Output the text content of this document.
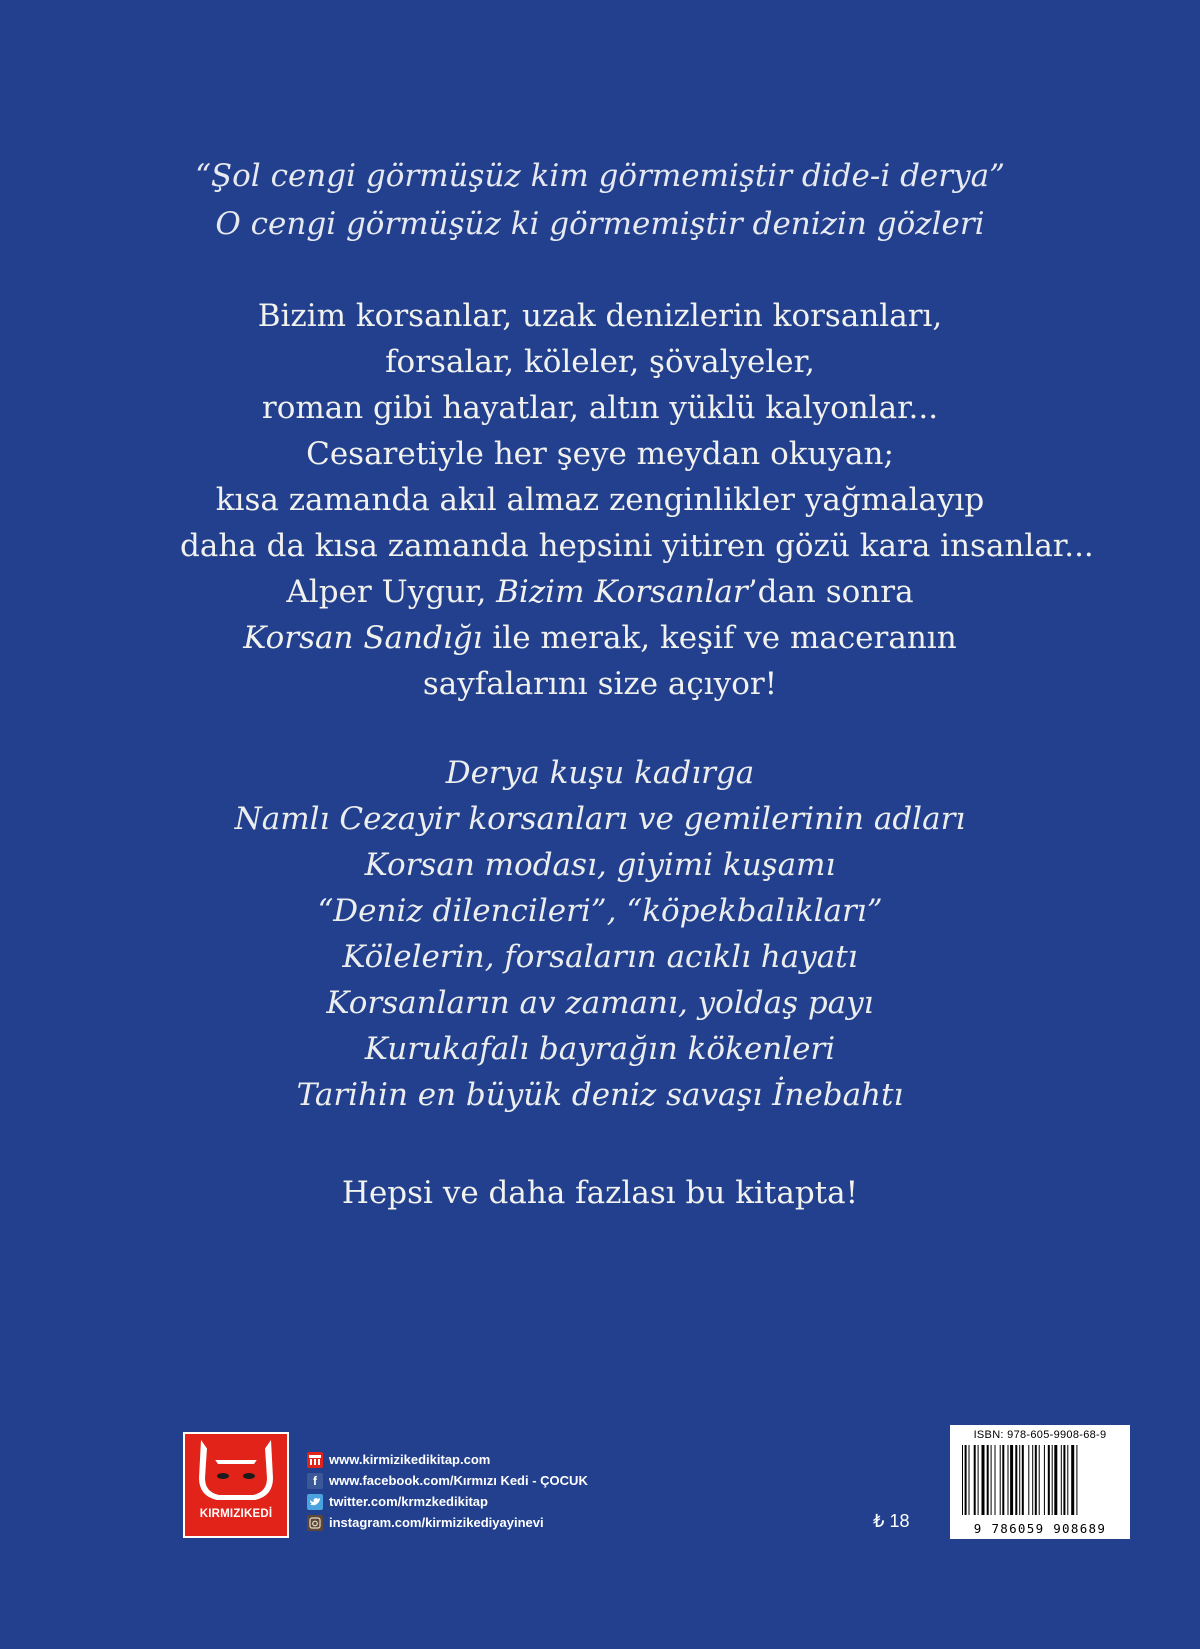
“Şol cengi görmüşüz kim görmemiştir dide-i derya”
O cengi görmüşüz ki görmemiştir denizin gözleri
Bizim korsanlar, uzak denizlerin korsanları,
forsalar, köleler, şövalyeler,
roman gibi hayatlar, altın yüklü kalyonlar...
Cesaretiyle her şeye meydan okuyan;
kısa zamanda akıl almaz zenginlikler yağmalayıp
daha da kısa zamanda hepsini yitiren gözü kara insanlar...
Alper Uygur, Bizim Korsanlar’dan sonra
Korsan Sandığı ile merak, keşif ve maceranın
sayfalarını size açıyor!
Derya kuşu kadırga
Namlı Cezayir korsanları ve gemilerinin adları
Korsan modası, giyimi kuşamı
“Deniz dilencileri”, “köpekbalıkları”
Kölelerin, forsaların acıklı hayatı
Korsanların av zamanı, yoldaş payı
Kurukafalı bayrağın kökenleri
Tarihin en büyük deniz savaşı İnebahtı
Hepsi ve daha fazlası bu kitapta!
KIRMIZIKEDİ
www.kirmizikedikitap.com
f www.facebook.com/Kırmızı Kedi - ÇOCUK
twitter.com/krmzkedikitap
instagram.com/kirmizikediyayinevi	₺ 18
ISBN: 978-605-9908-68-9
9 786059 908689
